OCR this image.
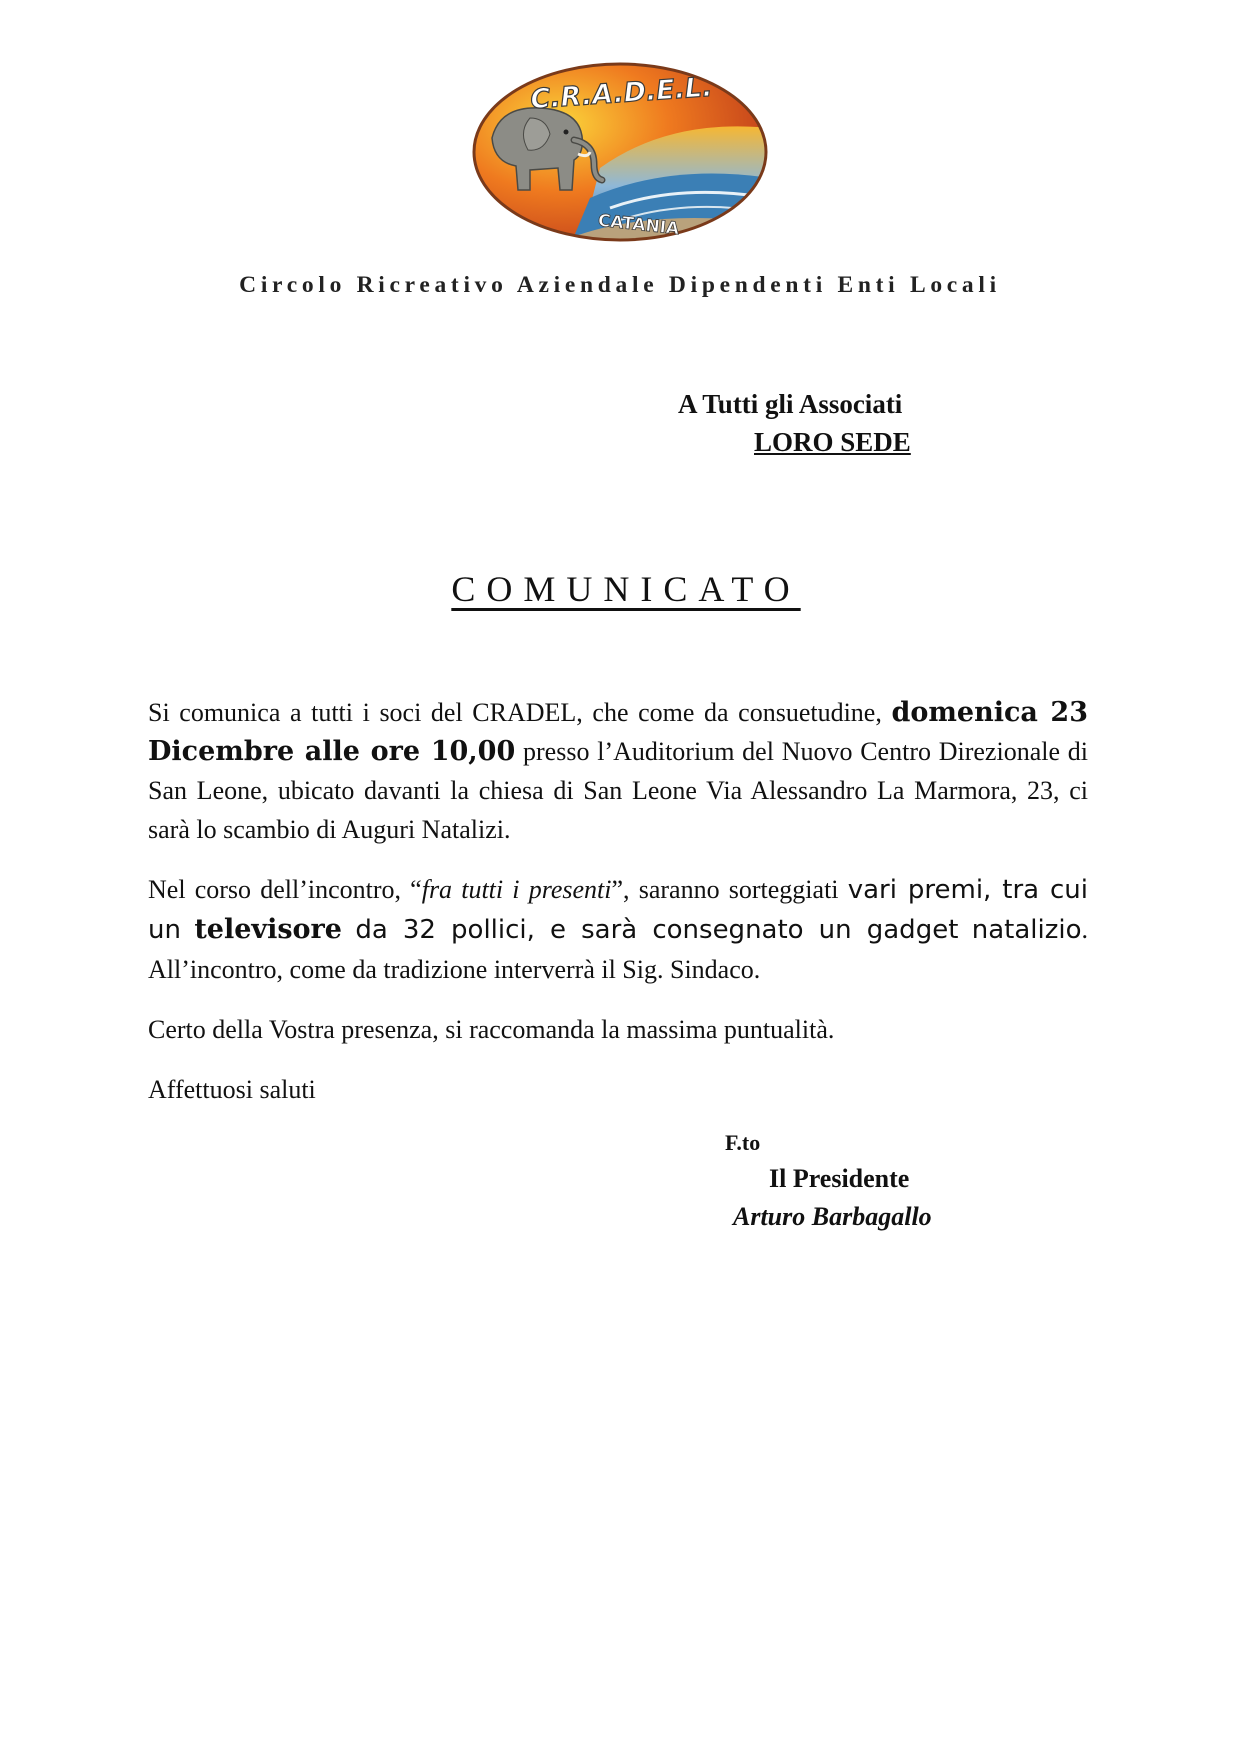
C.R.A.D.E.L.
CATANIA
Circolo Ricreativo Aziendale Dipendenti Enti Locali
A Tutti gli Associati
LORO SEDE
COMUNICATO

Si comunica a tutti i soci del CRADEL, che come da consuetudine, domenica 23 Dicembre alle ore 10,00 presso l’Auditorium del Nuovo Centro Direzionale di San Leone, ubicato davanti la chiesa di San Leone Via Alessandro La Marmora, 23, ci sarà lo scambio di Auguri Natalizi.

Nel corso dell’incontro, “fra tutti i presenti”, saranno sorteggiati vari premi, tra cui un televisore da 32 pollici, e sarà consegnato un gadget natalizio. All’incontro, come da tradizione interverrà il Sig. Sindaco.

Certo della Vostra presenza, si raccomanda la massima puntualità.

Affettuosi saluti

F.to
Il Presidente
Arturo Barbagallo
